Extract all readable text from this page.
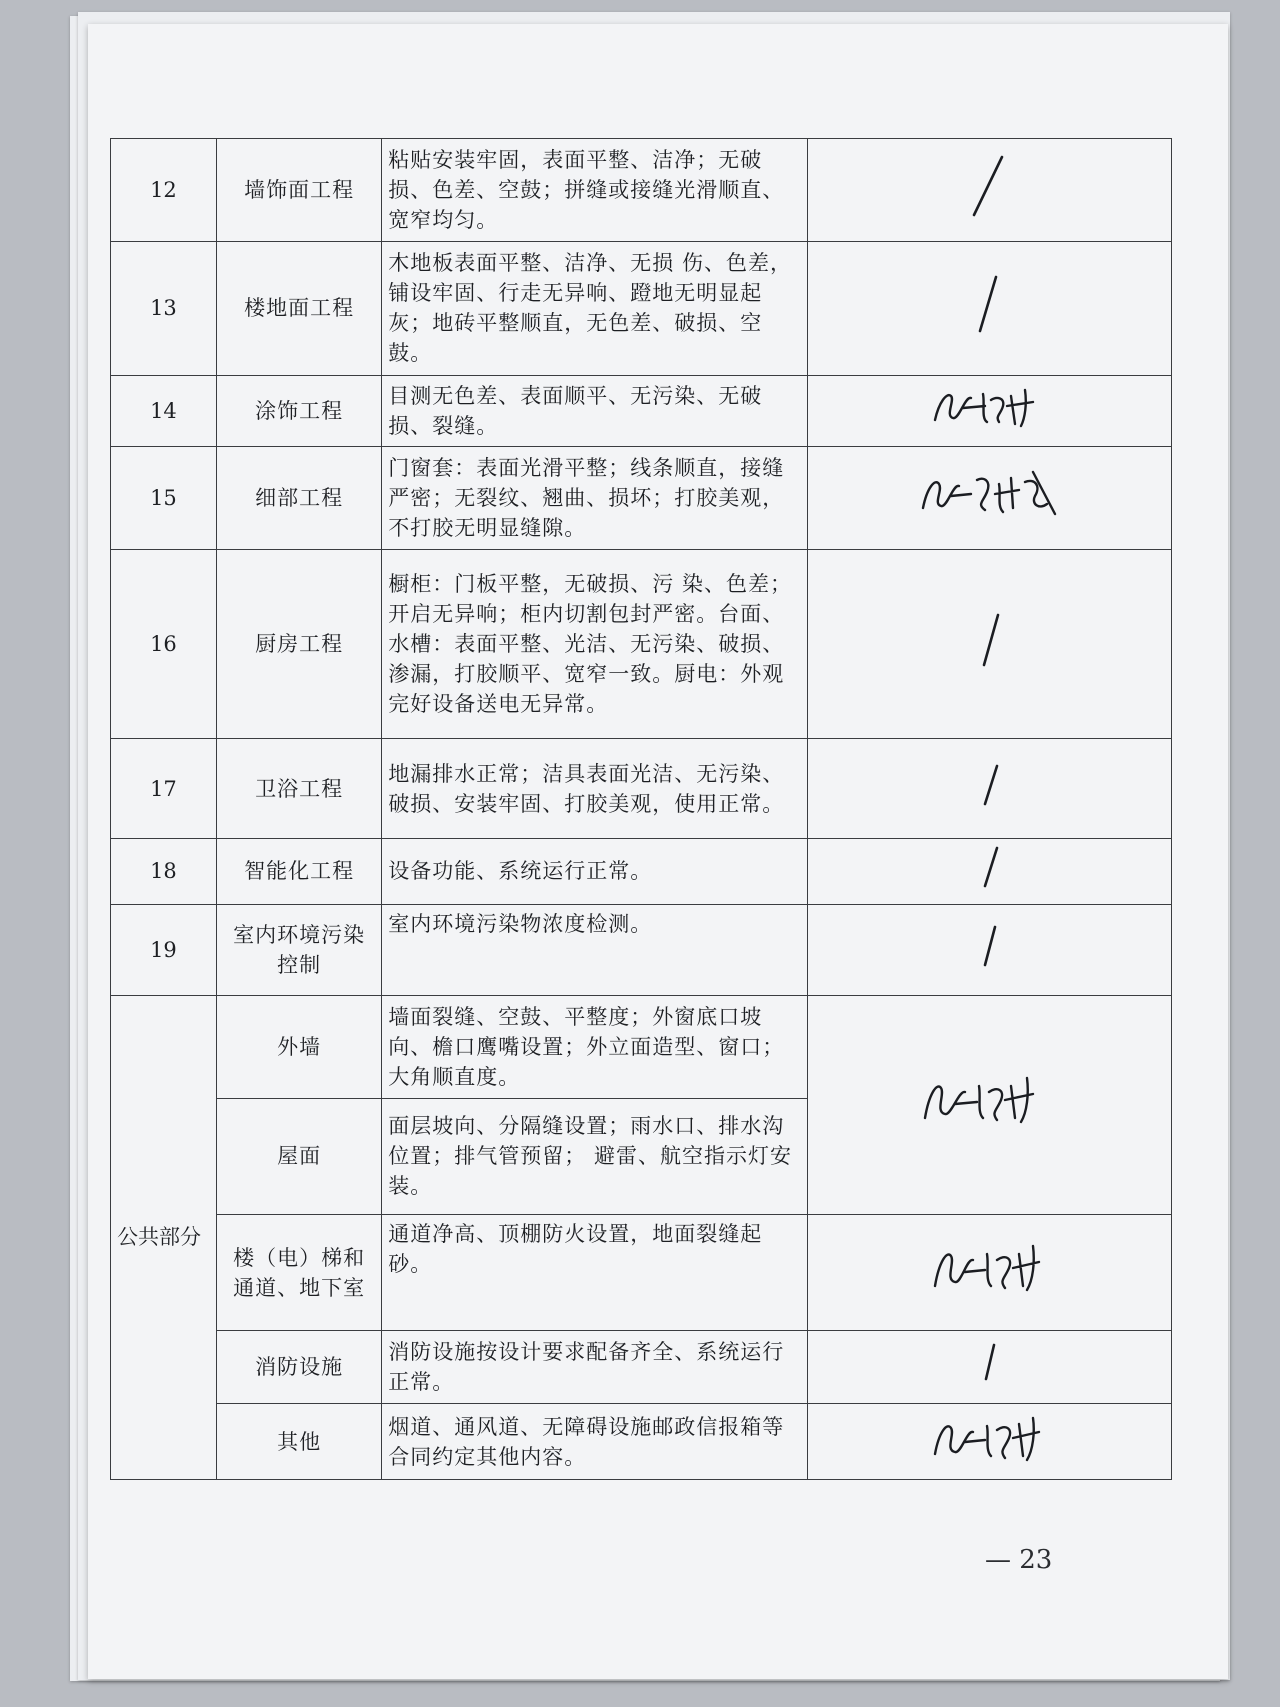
12	墙饰面工程	粘贴安装牢固，表面平整、洁净；无破损、色差、空鼓；拼缝或接缝光滑顺直、宽窄均匀。	
13	楼地面工程	木地板表面平整、洁净、无损 伤、色差，铺设牢固、行走无异响、蹬地无明显起灰；地砖平整顺直，无色差、破损、空鼓。	
14	涂饰工程	目测无色差、表面顺平、无污染、无破损、裂缝。	
15	细部工程	门窗套：表面光滑平整；线条顺直，接缝严密；无裂纹、翘曲、损坏；打胶美观，不打胶无明显缝隙。	
16	厨房工程	橱柜：门板平整，无破损、污 染、色差；开启无异响；柜内切割包封严密。台面、水槽：表面平整、光洁、无污染、破损、渗漏，打胶顺平、宽窄一致。厨电：外观完好设备送电无异常。	
17	卫浴工程	地漏排水正常；洁具表面光洁、无污染、破损、安装牢固、打胶美观，使用正常。	
18	智能化工程	设备功能、系统运行正常。	
19	室内环境污染控制	室内环境污染物浓度检测。	
公共部分	外墙	墙面裂缝、空鼓、平整度；外窗底口坡向、檐口鹰嘴设置；外立面造型、窗口；大角顺直度。	
	屋面	面层坡向、分隔缝设置；雨水口、排水沟位置；排气管预留； 避雷、航空指示灯安装。	
	楼（电）梯和通道、地下室	通道净高、顶棚防火设置，地面裂缝起砂。	
	消防设施	消防设施按设计要求配备齐全、系统运行正常。	
	其他	烟道、通风道、无障碍设施邮政信报箱等合同约定其他内容。	
— 23
